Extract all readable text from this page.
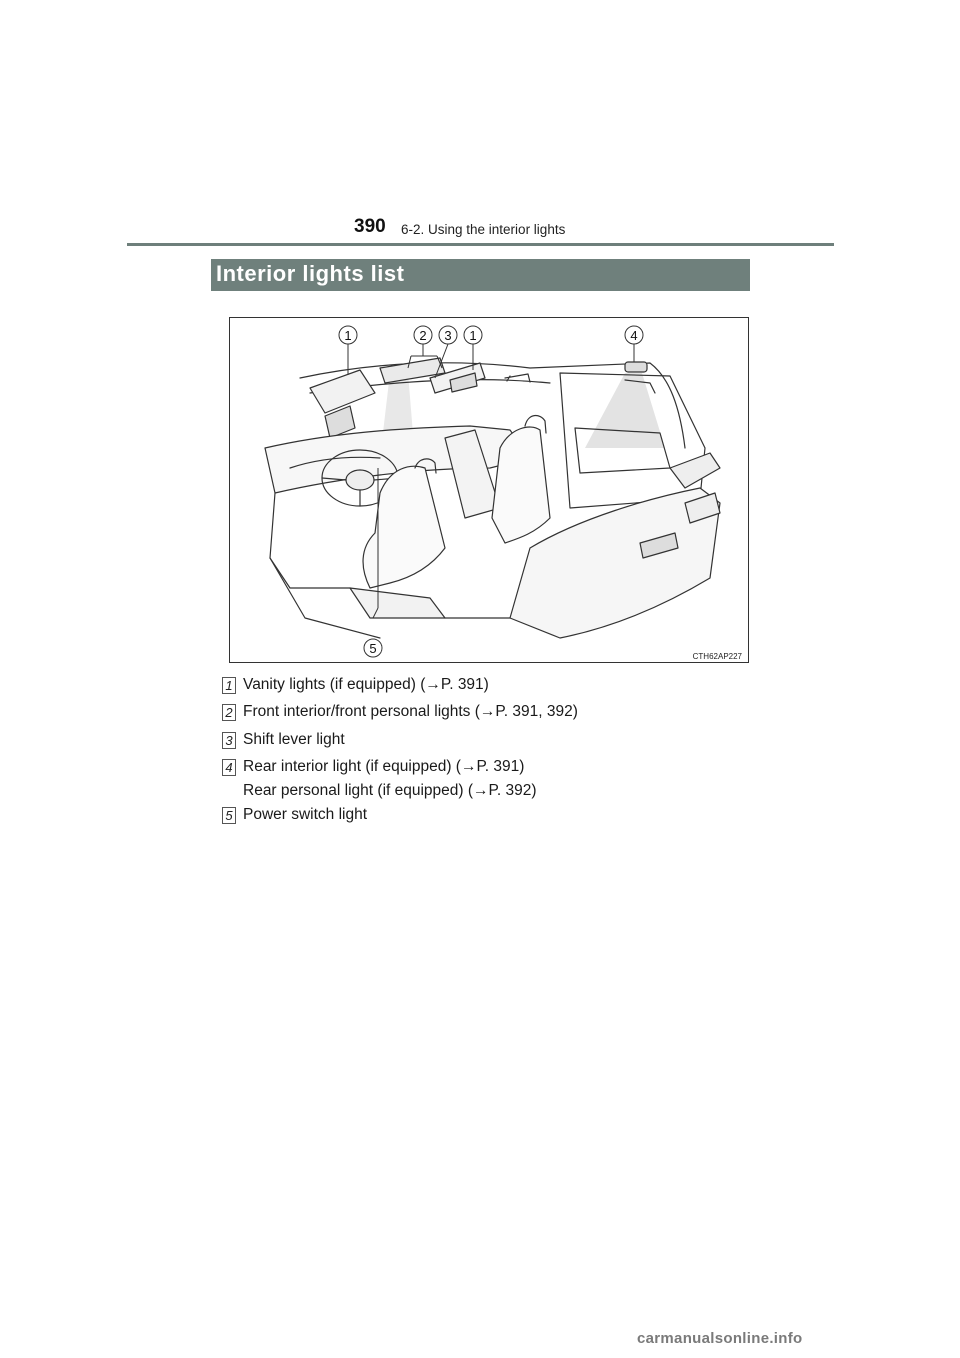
390 6-2. Using the interior lights
Interior lights list
1	2 3 1	4
5
CTH62AP227
1 Vanity lights (if equipped) (→P. 391)
2 Front interior/front personal lights (→P. 391, 392)
3 Shift lever light
4 Rear interior light (if equipped) (→P. 391)
Rear personal light (if equipped) (→P. 392)
5 Power switch light
carmanualsonline.info
